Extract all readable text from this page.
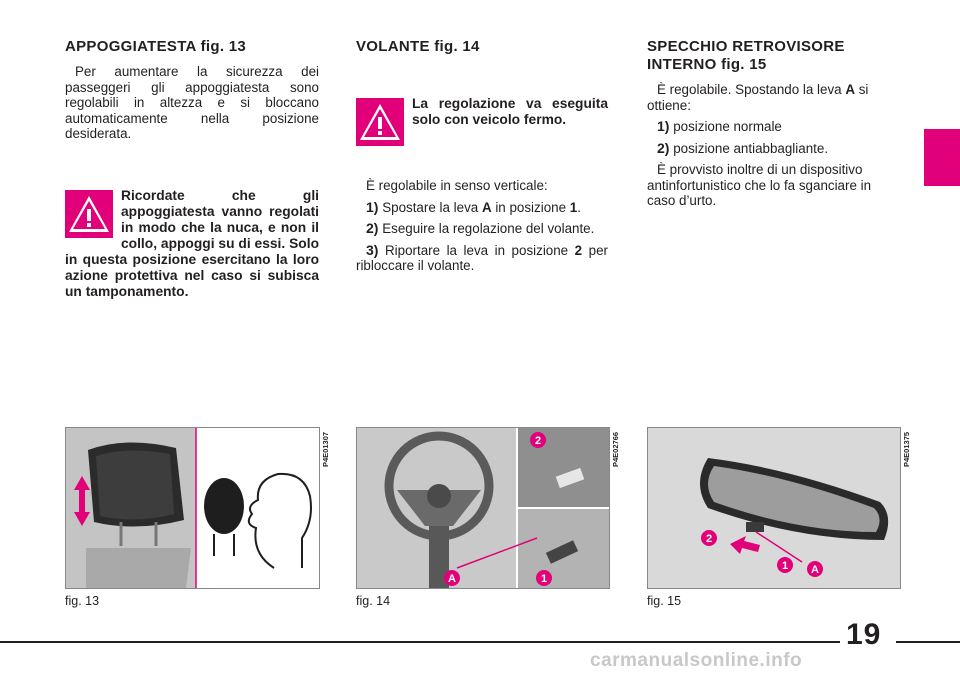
APPOGGIATESTA fig. 13

Per aumentare la sicurezza dei passeggeri gli appoggiatesta sono regolabili in altezza e si bloccano automaticamente nella posizione desiderata.

Ricordate che gli appoggiatesta vanno regolati in modo che la nuca, e non il collo, appoggi su di essi. Solo in questa posizione esercitano la loro azione protettiva nel caso si subisca un tamponamento.
VOLANTE fig. 14
La regolazione va eseguita solo con veicolo fermo.

È regolabile in senso verticale:

1) Spostare la leva A in posizione 1.

2) Eseguire la regolazione del volante.

3) Riportare la leva in posizione 2 per ribloccare il volante.

SPECCHIO RETROVISORE
INTERNO fig. 15

È regolabile. Spostando la leva A si ottiene:

1) posizione normale

2) posizione antiabbagliante.

È provvisto inoltre di un dispositivo antinfortunistico che lo fa sganciare in caso d’urto.

fig. 13
P4E01307	2
A	1
fig. 14
P4E02766
2
1 A
fig. 15
P4E01375
19
carmanualsonline.info
